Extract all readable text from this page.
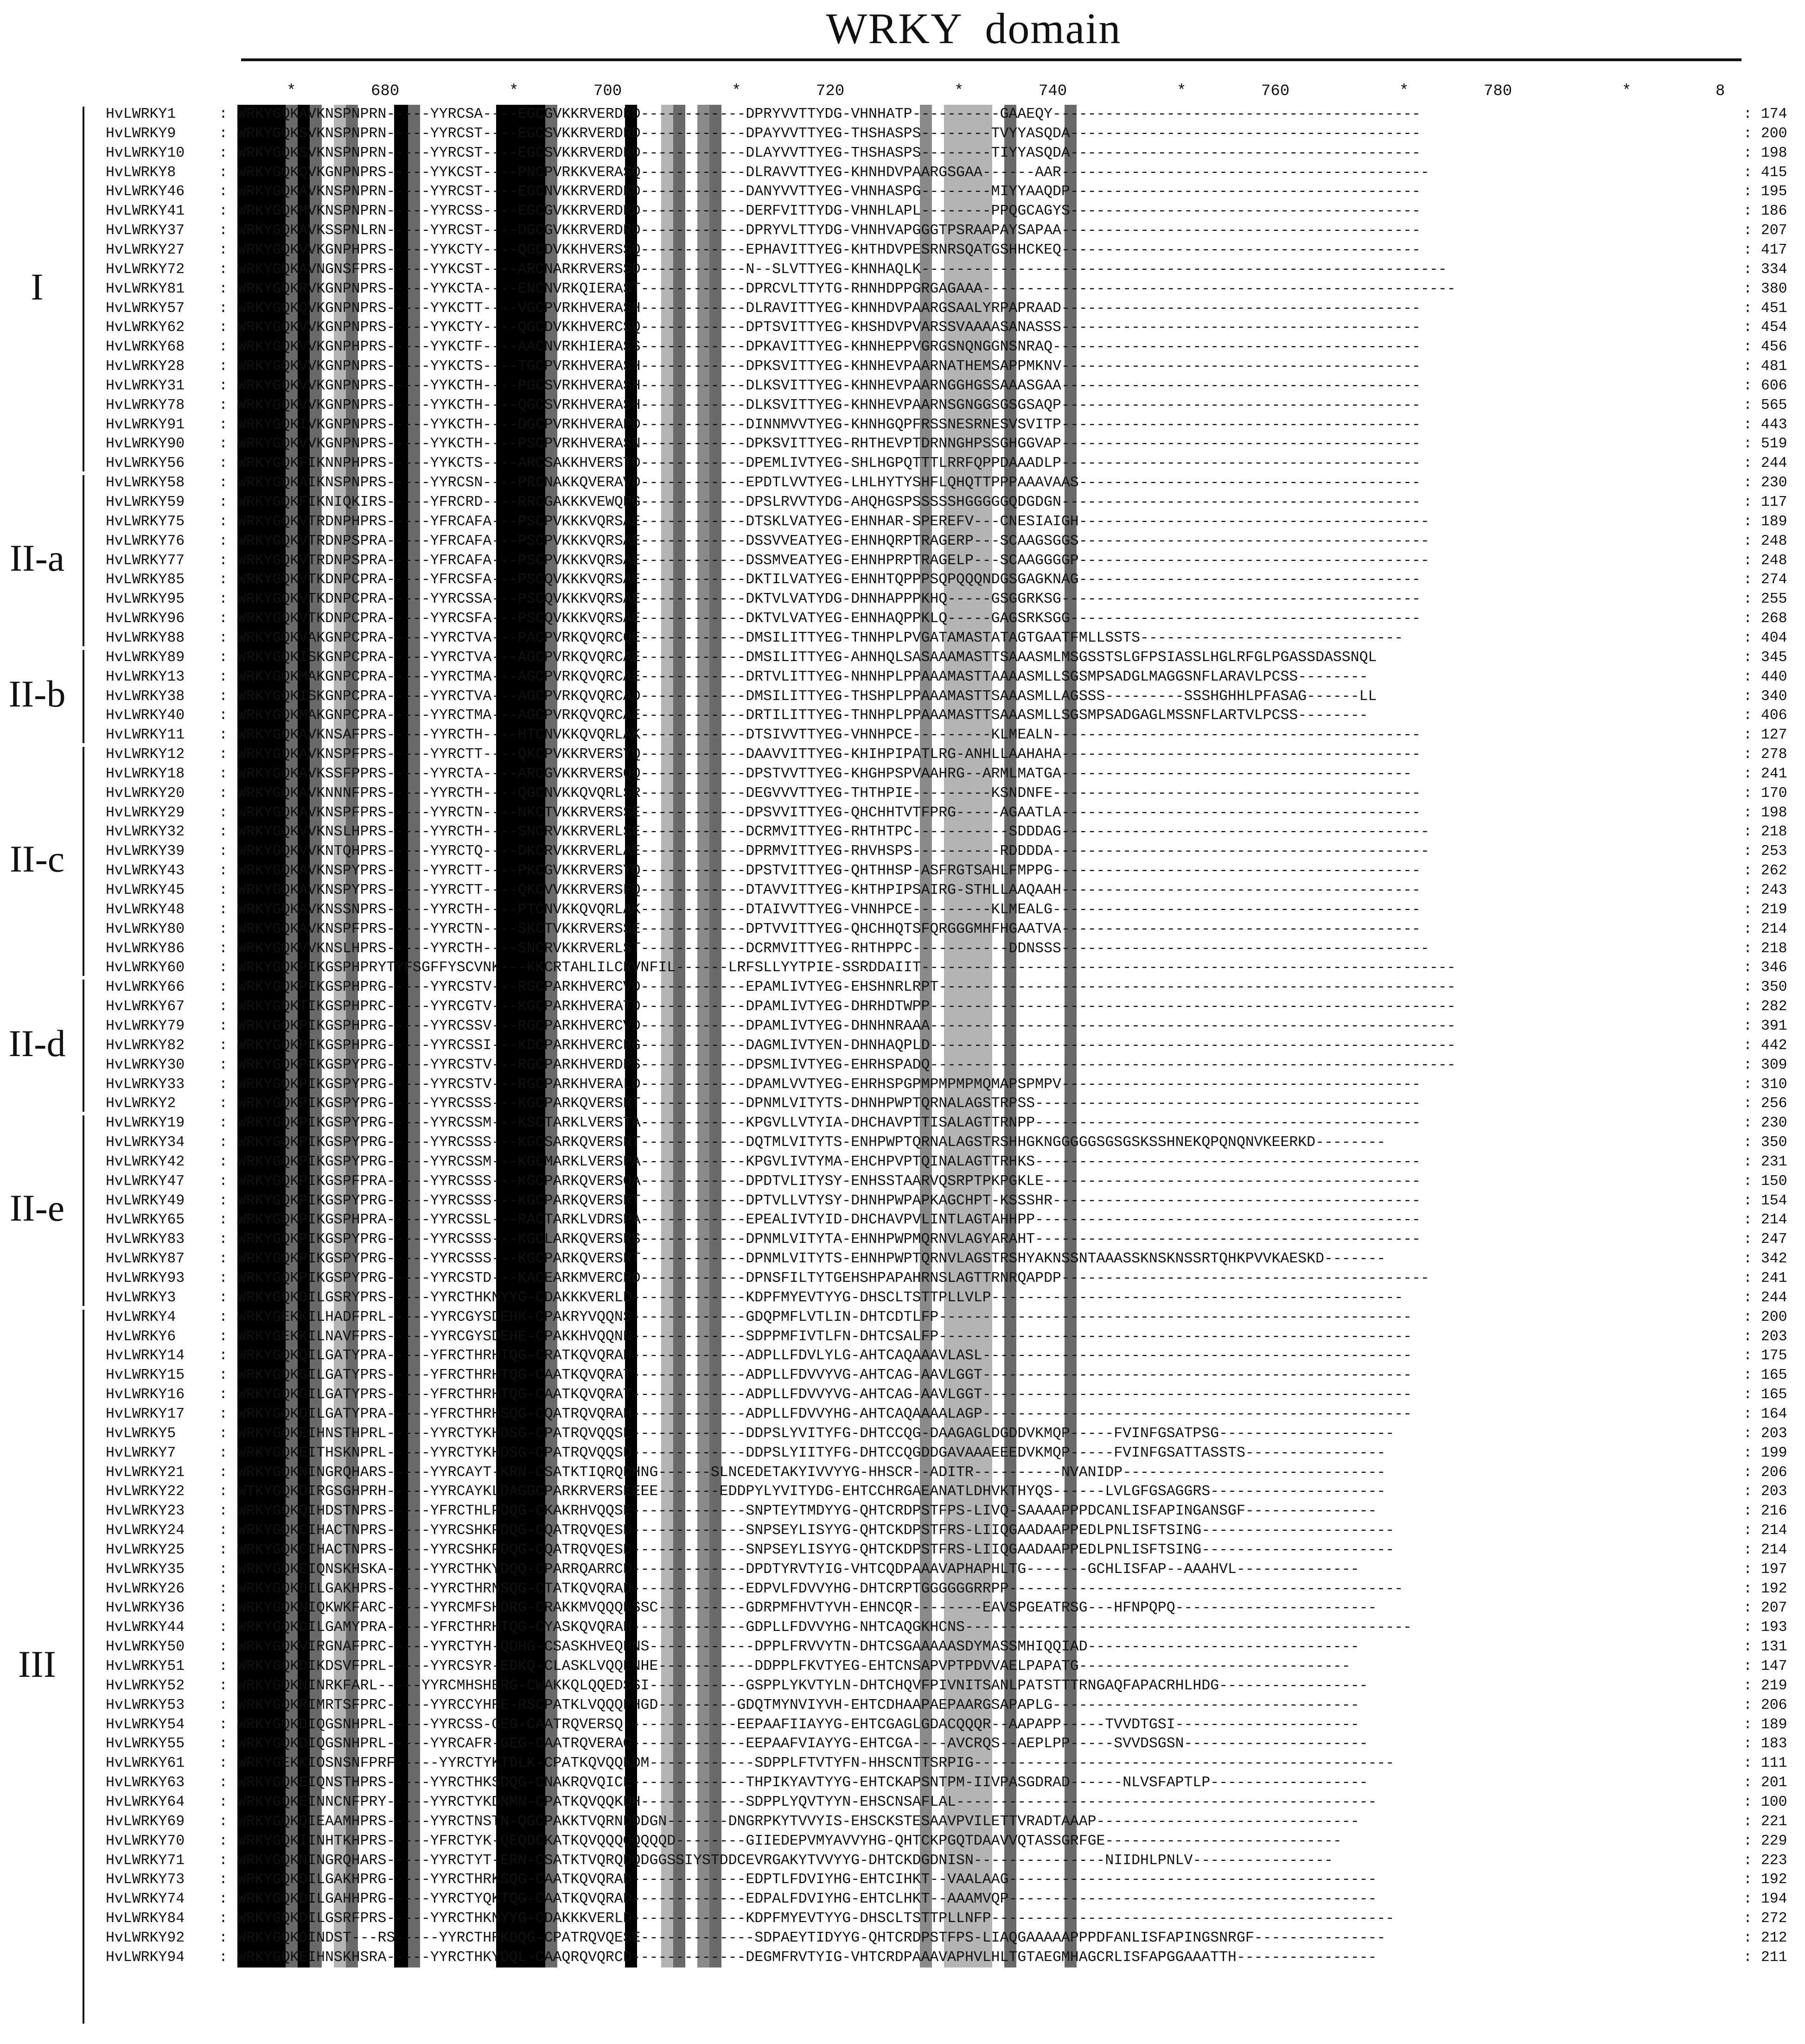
WRKY  domain
*	680	*	700	*	720	*	740	*	760	*	780	*	8
HvLWRKY1	: WRKYGQKAVKNSPNPRN-----YYRCSA----EGCGVKKRVERDRD------------DPRYVVTTYDG-VHNHATP----------GAAEQY------------------------------------------	: 174
HvLWRKY9	: WRKYGQKSVKNSPNPRN-----YYRCST----EGCSVKKRVERDRD------------DPAYVVTTYEG-THSHASPS--------TVYYASQDA----------------------------------------	: 200
HvLWRKY10 : WRKYGQKSVKNSPNPRN-----YYRCST----EGCSVKKRVERDRD------------DLAYVVTTYEG-THSHASPS--------TIYYASQDA----------------------------------------	: 198
HvLWRKY8	: WRKYGQKQVKGNPNPRS-----YYKCST----PNCPVRKKVERASQ------------DLRAVVTTYEG-KHNHDVPAARGSGAA------AAR------------------------------------------	: 415
HvLWRKY46 : WRKYGQKAVKNSPNPRN-----YYRCST----EGCNVKKRVERDKD------------DANYVVTTYEG-VHNHASPG--------MIYYAAQDP----------------------------------------	: 195
HvLWRKY41 : WRKYGQKMVKNSPNPRN-----YYRCSS----EGCGVKKRVERDRD------------DERFVITTYDG-VHNHLAPL--------PPQGCAGYS----------------------------------------	: 186
HvLWRKY37 : WRKYGQKAVKSSPNLRN-----YYRCST----DGCGVKKRVERDRD------------DPRYVLTTYDG-VHNHVAPGGGTPSRAAPAYSAPAA-----------------------------------------	: 207
HvLWRKY27 : WRKYGQKVVKGNPHPRS-----YYKCTY----QGCDVKKHVERSSQ------------EPHAVITTYEG-KHTHDVPESRNRSQATGSHHCKEQ-----------------------------------------	: 417
HvLWRKY72 : WRKYGQKAVNGNSFPRS-----YYKCST----ARCNARKRVERSSD------------N--SLVTTYEG-KHNHAQLK------------------------------------------------------------	: 334
HvLWRKY81 : WRKYGQKRVKGNPNPRS-----YYKCTA----ENCNVRKQIERAST------------DPRCVLTTYTG-RHNHDPPGRGAGAAA------------------------------------------------------	: 380
HvLWRKY57 : WRKYGQKQVKGNPNPRS-----YYKCTT----VGCPVRKHVERASH------------DLRAVITTYEG-KHNHDVPAARGSAALYRPAPRAAD-----------------------------------------	: 451
HvLWRKY62 : WRKYGQKVVKGNPNPRS-----YYKCTY----QGCDVKKHVERCSQ------------DPTSVITTYEG-KHSHDVPVARSSVAAAASANASSS-----------------------------------------	: 454
HvLWRKY68 : WRKYGQKVVKGNPHPRS-----YYKCTF----AACNVRKHIERASS------------DPKAVITTYEG-KHNHEPPVGRGSNQNGGNSNRAQ------------------------------------------	: 456
HvLWRKY28 : WRKYGQKVVKGNPNPRS-----YYKCTS----TGCPVRKHVERASH------------DPKSVITTYEG-KHNHEVPAARNATHEMSAPPMKNV-----------------------------------------	: 481
HvLWRKY31 : WRKYGQKVVKGNPNPRS-----YYKCTH----PGCSVRKHVERASH------------DLKSVITTYEG-KHNHEVPAARNGGHGSSAAASGAA-----------------------------------------	: 606
HvLWRKY78 : WRKYGQKVVKGNPNPRS-----YYKCTH----QGCSVRKHVERASH------------DLKSVITTYEG-KHNHEVPAARNSGNGGSGSGSAQP-----------------------------------------	: 565
HvLWRKY91 : WRKYGQKIVKGNPNPRS-----YYKCTH----DGCPVRKHVERAPD------------DINNMVVTYEG-KHNHGQPFRSSNESRNESVSVITP-----------------------------------------	: 443
HvLWRKY90 : WRKYGQKVVKGNPNPRS-----YYKCTH----PSCPVRKHVERASN------------DPKSVITTYEG-RHTHEVPTDRNNGHPSSGHGGVAP-----------------------------------------	: 519
HvLWRKY56 : WRKYGQKFIKNNPHPRS-----YYKCTS----ARCSAKKHVERSTD------------DPEMLIVTYEG-SHLHGPQTTTLRRFQPPDAAADLP-----------------------------------------	: 244
HvLWRKY58 : WRKYGQKAIKNSPNPRS-----YYRCSN----PRCNAKKQVERAVD------------EPDTLVVTYEG-LHLHYTYSHFLQHQTTPPPAAAVAAS---------------------------------------	: 230
HvLWRKY59 : WRKYGQKFIKNIQKIRS-----YFRCRD----RRCGAKKKVEWQPG------------DPSLRVVTYDG-AHQHGSPSSSSSHGGGGGQDGDGN-----------------------------------------	: 117
HvLWRKY75 : WRKYGQKVTRDNPHPRS-----YFRCAFA---PSCPVKKKVQRSAE------------DTSKLVATYEG-EHNHAR-SPEREFV---CNESIAIGH----------------------------------------	: 189
HvLWRKY76 : WRKYGQKVTRDNPSPRA-----YFRCAFA---PSCPVKKKVQRSAE------------DSSVVEATYEG-EHNHQRPTRAGERP---SCAAGSGGS----------------------------------------	: 248
HvLWRKY77 : WRKYGQKVTRDNPSPRA-----YFRCAFA---PSCPVKKKVQRSAE------------DSSMVEATYEG-EHNHPRPTRAGELP---SCAAGGGGP----------------------------------------	: 248
HvLWRKY85 : WRKYGQKVTKDNPCPRA-----YFRCSFA---PSCQVKKKVQRSAE------------DKTILVATYEG-EHNHTQPPPSQPQQQNDGSGAGKNAG---------------------------------------	: 274
HvLWRKY95 : WRKYGQKVTKDNPCPRA-----YYRCSSA---PSCQVKKKVQRSAE------------DKTVLVATYDG-DHNHAPPPKHQ-----GSGGRKSG-----------------------------------------	: 255
HvLWRKY96 : WRKYGQKVTKDNPCPRA-----YYRCSFA---PSCQVKKKVQRSAE------------DKTVLVATYEG-EHNHAQPPKLQ-----GAGSRKSGG----------------------------------------	: 268
HvLWRKY88 : WRKYGQKVAKGNPCPRA-----YYRCTVA---PACPVRKQVQRCQE------------DMSILITTYEG-THNHPLPVGATAMASTATAGTGAATFMLLSSTS------------------------------	: 404
HvLWRKY89 : WRKYGQKISKGNPCPRA-----YYRCTVA---AGCPVRKQVQRCAE------------DMSILITTYEG-AHNHQLSASAAAMASTTSAAASMLMSGSSTSLGFPSIASSLHGLRFGLPGASSDASSNQL	: 345
HvLWRKY13 : WRKYGQKMAKGNPCPRA-----YYRCTMA---AGCPVRKQVQRCAE------------DRTVLITTYEG-NHNHPLPPAAAMASTTAAAASMLLSGSMPSADGLMAGGSNFLARAVLPCSS--------	: 440
HvLWRKY38 : WRKYGQKISKGNPCPRA-----YYRCTVA---AGCPVRKQVQRCAD------------DMSILITTYEG-THSHPLPPAAAMASTTSAAASMLLAGSSS---------SSSHGHHLPFASAG------LL	: 340
HvLWRKY40 : WRKYGQKMAKGNPCPRA-----YYRCTMA---AGCPVRKQVQRCAE------------DRTILITTYEG-THNHPLPPAAAMASTTSAAASMLLSGSMPSADGAGLMSSNFLARTVLPCSS--------	: 406
HvLWRKY11 : WRKYGQKAVKNSAFPRS-----YYRCTH----HTCNVKKQVQRLAK------------DTSIVVTTYEG-VHNHPCE---------KLMEALN------------------------------------------	: 127
HvLWRKY12 : WRKYGQKAVKNSPFPRS-----YYRCTT----QKCPVKKRVERSYQ------------DAAVVITTYEG-KHIHPIPATLRG-ANHLLAAHAHA-----------------------------------------	: 278
HvLWRKY18 : WRKYGQKAVKSSFPPRS-----YYRCTA----ARCGVKKRVERSQQ------------DPSTVVTTYEG-KHGHPSPVAAHRG--ARMLMATGA----------------------------------------	: 241
HvLWRKY20 : WRKYGQKAVKNNNFPRS-----YYRCTH----QGCNVKKQVQRLSR------------DEGVVVTTYEG-THTHPIE---------KSNDNFE------------------------------------------	: 170
HvLWRKY29 : WRKYGQKAVKNSPFPRS-----YYRCTN----NKCTVKKRVERSSE------------DPSVVITTYEG-QHCHHTVTFPRG-----AGAATLA-----------------------------------------	: 198
HvLWRKY32 : WRKYGQKVVKNSLHPRS-----YYRCTH----SNCRVKKRVERLSE------------DCRMVITTYEG-RHTHTPC-----------SDDDAG------------------------------------------	: 218
HvLWRKY39 : WRKYGQKVVKNTQHPRS-----YYRCTQ----DKCRVKKRVERLAE------------DPRMVITTYEG-RHVHSPS----------RDDDDA-------------------------------------------	: 253
HvLWRKY43 : WRKYGQKAVKNSPYPRS-----YYRCTT----PKCGVKKRVERSYQ------------DPSTVITTYEG-QHTHHSP-ASFRGTSAHLFMPPG------------------------------------------	: 262
HvLWRKY45 : WRKYGQKAVKNSPYPRS-----YYRCTT----QKCVVKKRVERSFQ------------DTAVVITTYEG-KHTHPIPSAIRG-STHLLAAQAAH-----------------------------------------	: 243
HvLWRKY48 : WRKYGQKAVKNSSNPRS-----YYRCTH----PTCNVKKQVQRLAK------------DTAIVVTTYEG-VHNHPCE---------KLMEALG------------------------------------------	: 219
HvLWRKY80 : WRKYGQKAVKNSPFPRS-----YYRCTN----SKCTVKKRVERSSE------------DPTVVITTYEG-QHCHHQTSFQRGGGMHFHGAATVA-----------------------------------------	: 214
HvLWRKY86 : WRKYGQKVVKNSLHPRS-----YYRCTH----SNCRVKKRVERLST------------DCRMVITTYEG-RHTHPPC-----------DDNSSS------------------------------------------	: 218
HvLWRKY60 : WRKYGQKPIKGSPHPRYTYFSGFFYSCVNK---KKCRTAHLILCRVNFIL------LRFSLLYYTPIE-SSRDDAIIT-------------------------------------------------------------	: 346
HvLWRKY66 : WRKYGQKPIKGSPHPRG-----YYRCSTV---RGCPARKHVERCVD------------EPAMLIVTYEG-EHSHNRLRPT-----------------------------------------------------------	: 350
HvLWRKY67 : WRKYGQKTIKGSPHPRC-----YYRCGTV---KGCPARKHVERATD------------DPAMLIVTYEG-DHRHDTWPP------------------------------------------------------------	: 282
HvLWRKY79 : WRKYGQKPIKGSPHPRG-----YYRCSSV---RGCPARKHVERCVD------------DPAMLIVTYEG-DHNHNRAAA------------------------------------------------------------	: 391
HvLWRKY82 : WRKYGQKPIKGSPHPRG-----YYRCSSI---KDCPARKHVERCRG------------DAGMLIVTYEN-DHNHAQPLD------------------------------------------------------------	: 442
HvLWRKY30 : WRKYGQKPIKGSPYPRG-----YYRCSTV---RGCPARKHVERDPS------------DPSMLIVTYEG-EHRHSPADQ------------------------------------------------------------	: 309
HvLWRKY33 : WRKYGQKPIKGSPYPRG-----YYRCSTV---RGCPARKHVERALD------------DPAMLVVTYEG-EHRHSPGPMPMPMPMQMAPSPMPV-----------------------------------------	: 310
HvLWRKY2	: WRKYGQKPIKGSPYPRG-----YYRCSSS---KGCPARKQVERSRT------------DPNMLVITYTS-DHNHPWPTQRNALAGSTRPSS--------------------------------------------	: 256
HvLWRKY19 : WRKYGQKPIKGSPYPRG-----YYRCSSM---KSCTARKLVERSTA------------KPGVLLVTYIA-DHCHAVPTTISALAGTTRNPP--------------------------------------------	: 230
HvLWRKY34 : WRKYGQKPIKGSPYPRG-----YYRCSSS---KGCSARKQVERSRT------------DQTMLVITYTS-ENHPWPTQRNALAGSTRSHHGKNGGGGGSGSGSKSSHNEKQPQNQNVKEERKD--------	: 350
HvLWRKY42 : WRKYGQKPIKGSPYPRG-----YYRCSSM---KGCMARKLVERSPA------------KPGVLIVTYMA-EHCHPVPTQINALAGTTRHKS--------------------------------------------	: 231
HvLWRKY47 : WRKYGQKPIKGSPFPRA-----YYRCSSS---KGCPARKQVERSQA------------DPDTVLITYSY-ENHSSTAARVQSRPTPKPGKLE-------------------------------------------	: 150
HvLWRKY49 : WRKYGQKPIKGSPYPRG-----YYRCSSS---KGCPARKQVERSRT------------DPTVLLVTYSY-DHNHPWPAPKAGCHPT-KSSSHR------------------------------------------	: 154
HvLWRKY65 : WRKYGQKPIKGSPHPRA-----YYRCSSL---RACTARKLVDRSPA------------EPEALIVTYID-DHCHAVPVLINTLAGTAHHPP--------------------------------------------	: 214
HvLWRKY83 : WRKYGQKPIKGSPYPRG-----YYRCSSS---KGCLARKQVERSRS------------DPNMLVITYTA-EHNHPWPMQRNVLAGYARAHT--------------------------------------------	: 247
HvLWRKY87 : WRKYGQKPIKGSPYPRG-----YYRCSSS---KGCPARKQVERSRT------------DPNMLVITYTS-EHNHPWPTQRNVLAGSTRSHYAKNSSNTAAASSKNSKNSSRTQHKPVVKAESKD-------	: 342
HvLWRKY93 : WRKYGQKPIKGSPYPRG-----YYRCSTD---KACEARKMVERCRD------------DPNSFILTYTGEHSHPAPAHRNSLAGTTRNRQAPDP------------------------------------------	: 241
HvLWRKY3	: WRKYGQKDILGSRYPRS-----YYRCTHKNYYG-CDAKKKVERLD-------------KDPFMYEVTYYG-DHSCLTSTTPLLVLP-----------------------------------------------	: 244
HvLWRKY4	: WRKYGEKKILHADFPRL-----YYRCGYSDEHK-CPAKRYVQQNS-------------GDQPMFLVTLIN-DHTCDTLFP------------------------------------------------------	: 200
HvLWRKY6	: WRKYGEKKILNAVFPRS-----YYRCGYSDEHE-CPAKKHVQQNN-------------SDPPMFIVTLFN-DHTCSALFP------------------------------------------------------	: 203
HvLWRKY14 : WRKYGQKQILGATYPRA-----YFRCTHRHTQG-CRATKQVQRAH-------------ADPLLFDVLYLG-AHTCAQAAAVLASL-------------------------------------------------	: 175
HvLWRKY15 : WRKYGQKGILGATYPRS-----YFRCTHRHTQG-CAATKQVQRAT-------------ADPLLFDVVYVG-AHTCAG-AAVLGGT-------------------------------------------------	: 165
HvLWRKY16 : WRKYGQKGILGATYPRS-----YFRCTHRHTQG-CAATKQVQRAT-------------ADPLLFDVVYVG-AHTCAG-AAVLGGT-------------------------------------------------	: 165
HvLWRKY17 : WRKYGQKQILGATYPRA-----YFRCTHRHSQG-CQATRQVQRAH-------------ADPLLFDVVYHG-AHTCAQAAAALAGP-------------------------------------------------	: 164
HvLWRKY5	: WRKYGQKEIHNSTHPRL-----YYRCTYKHDSG-CPATRQVQQSE-------------DDPSLYVITYFG-DHTCCQG-DAAGAGLDGDDVKMQP-----FVINFGSATPSG--------------------	: 203
HvLWRKY7	: WRKYGQKEITHSKNPRL-----YYRCTYKHDSG-CPATRQVQQSD-------------DDPSLYIITYFG-DHTCCQGDDGAVAAAEEEDVKMQP-----FVINFGSATTASSTS----------------	: 199
HvLWRKY21 : WRKYGQKNINGRQHARS-----YYRCAYT-KRN-CSATKTIQRQDHNG------SLNCEDETAKYIVVYYG-HHSCR--ADITR----------NVANIDP------------------------------	: 206
HvLWRKY22 : WTKYGQKDIRGSGHPRH-----YYRCAYKLDAGGCPARKRVERSEEEE-------EDDPYLYVITYDG-EHTCCHRGAEANATLDHVKTHYQS------LVLGFGSAGGRS--------------------	: 203
HvLWRKY23 : WRKYGQKQIHDSTNPRS-----YFRCTHLPDQG-CKAKRHVQQSE-------------SNPTEYTMDYYG-QHTCRDPSTFPS-LIVQ-SAAAAPPPDCANLISFAPINGANSGF---------------	: 216
HvLWRKY24 : WRKYGQKCIHACTNPRS-----YYRCSHKPDQG-CQATRQVQESD-------------SNPSEYLISYYG-QHTCKDPSTFRS-LIIQGAADAAPPEDLPNLISFTSING----------------------	: 214
HvLWRKY25 : WRKYGQKCIHACTNPRS-----YYRCSHKPDQG-CQATRQVQESD-------------SNPSEYLISYYG-QHTCKDPSTFRS-LIIQGAADAAPPEDLPNLISFTSING----------------------	: 214
HvLWRKY35 : WRKYGQKEIQNSKHSKA-----YYRCTHKYDQQ-CPARRQARRCD-------------DPDTYRVTYIG-VHTCQDPAAAVAPHAPHLTG-------GCHLISFAP--AAAHVL--------------	: 197
HvLWRKY26 : WRKYGQKDILGAKHPRS-----YYRCTHRNSQG-CTATKQVQRAD-------------EDPVLFDVVYHG-DHTCRPTGGGGGGRRPP---------------------------------------------	: 192
HvLWRKY36 : WRKYGQKNIQKWKFARC-----YYRCMFSHDRG-CRAKKMVQQQNSSC----------GDRPMFHVTYVH-EHNCQR--------EAVSPGEATRSG---HFNPQPQ-----------------------	: 207
HvLWRKY44 : WRKYGQKDILGAMYPRA-----YFRCTHRHTQG-CYASKQVQRAH-------------GDPLLFDVVYHG-NHTCAQGKHCNS---------------------------------------------------	: 193
HvLWRKY50 : WRKYGQKVIRGNAFPRC-----YYRCTYH-QDHG-CSASKHVEQHNS------------DPPLFRVVYTN-DHTCSGAAAAASDYMASSMHIQQIAD-------------------------------	: 131
HvLWRKY51 : WRKYGQKDIKDSVFPRL-----YYRCSYR-EDKQ-CLASKLVQQENHE-----------DDPPLFKVTYEG-EHTCNSAPVPTPDVVAELPAPATG-------------------------------	: 147
HvLWRKY52 : WRKYGQKNINRKFARL-----YYRCMHSHERG-CWAKKQLQQEDSSI-----------GSPPLYKVTYLN-DHTCHQVFPIVNITSANLPATSTTTRNGAQFAPACRHLHDG-----------------	: 219
HvLWRKY53 : WRKYGQKRIMRTSFPRC-----YYRCCYHRE-RSCPATKLVQQQPHGD---------GDQTMYNVIYVH-EHTCDHAAPAEPAARGSAPAPLG-----------------------------------	: 206
HvLWRKY54 : WRKYGQKDIQGSNHPRL-----YYRCSS-GEG-CAATRQVERSQ-------------EEPAAFIIAYYG-EHTCGAGLGDACQQQR--AAPAPP-----TVVDTGSI---------------------	: 189
HvLWRKY55 : WRKYGQKDIQGSNHPRL-----YYRCAFR-GEG-CAATRQVERAQ-------------EEPAAFVIAYYG-EHTCGA----AVCRQS--AEPLPP-----SVVDSGSN---------------------	: 183
HvLWRKY61 : WRKYGEKKIOSNSNFPRF-----YYRCTYKTDLK-CPATKQVQQKDM------------SDPPLFTVTYFN-HHSCNTTSRPIG------------------------------------------------	: 111
HvLWRKY63 : WRKYGQKEIQNSTHPRS-----YYRCTHKSDQG-CNAKRQVQICE-------------THPIKYAVTYYG-EHTCKAPSNTPM-IIVPASGDRAD------NLVSFAPTLP------------------	: 201
HvLWRKY64 : WRKYGQKEINNCNFPRY-----YYRCTYKDNMN-CPATKQVQQKDH------------SDPPLYQVTYYN-EHSCNSAFLAL------------------------------------------------	: 100
HvLWRKY69 : WRKYGQKQIEAAMHPRS-----YYRCTNSTN-QGCPAKKTVQRNDDDGN-------DNGRPKYTVVYIS-EHSCKSTESAAVPVILETTVRADTAAAP------------------------------	: 221
HvLWRKY70 : WRKYGQKIINHTKHPRS-----YFRCTYK-QEQDCKATKQVQQQQQQQQD--------GIIEDEPVMYAVVYHG-QHTCKPGQTDAAVVQTASSGRFGE---------------------------	: 229
HvLWRKY71 : WRKYGQKNINGRQHARS-----YYRCTYT-ERN-CSATKTVQRQDQDGGSSIYSTDDCEVRGAKYTVVYYG-DHTCKDGDNISN---------------NIIDHLPNLV----------------	: 223
HvLWRKY73 : WRKYGQKDILGAKHPRG-----YYRCTHRKSQG-CAATKQVQRAD-------------EDPTLFDVIYHG-EHTCIHKT--VAALAAG------------------------------------------	: 192
HvLWRKY74 : WRKYGQKDILGAHHPRG-----YYRCTYQKTQG-CAATKQVQRAD-------------EDPALFDVIYHG-EHTCLHKT--AAAMVQP------------------------------------------	: 194
HvLWRKY84 : WRKYGQKDILGSRFPRS-----YYRCTHKNYYG-CDAKKKVERLD-------------KDPFMYEVTYYG-DHSCLTSTTPLLNFP----------------------------------------------	: 272
HvLWRKY92 : WRKYGQKDINDST---RS-----YYRCTHRKDQG-CPATRQVQESE-------------SDPAEYTIDYYG-QHTCRDPSTFPS-LIAQGAAAAAPPPDFANLISFAPINGSNRGF---------------	: 212
HvLWRKY94 : WRKYGQKEIHNSKHSRA-----YYRCTHKYDQL-CAAQRQVQRCD-------------DEGMFRVTYIG-VHTCRDPAAAVAPHVLHLTGTAEGMHAGCRLISFAPGGAAATTH----------------	: 211
I
II-a
II-b
II-c
II-d
II-e
III
